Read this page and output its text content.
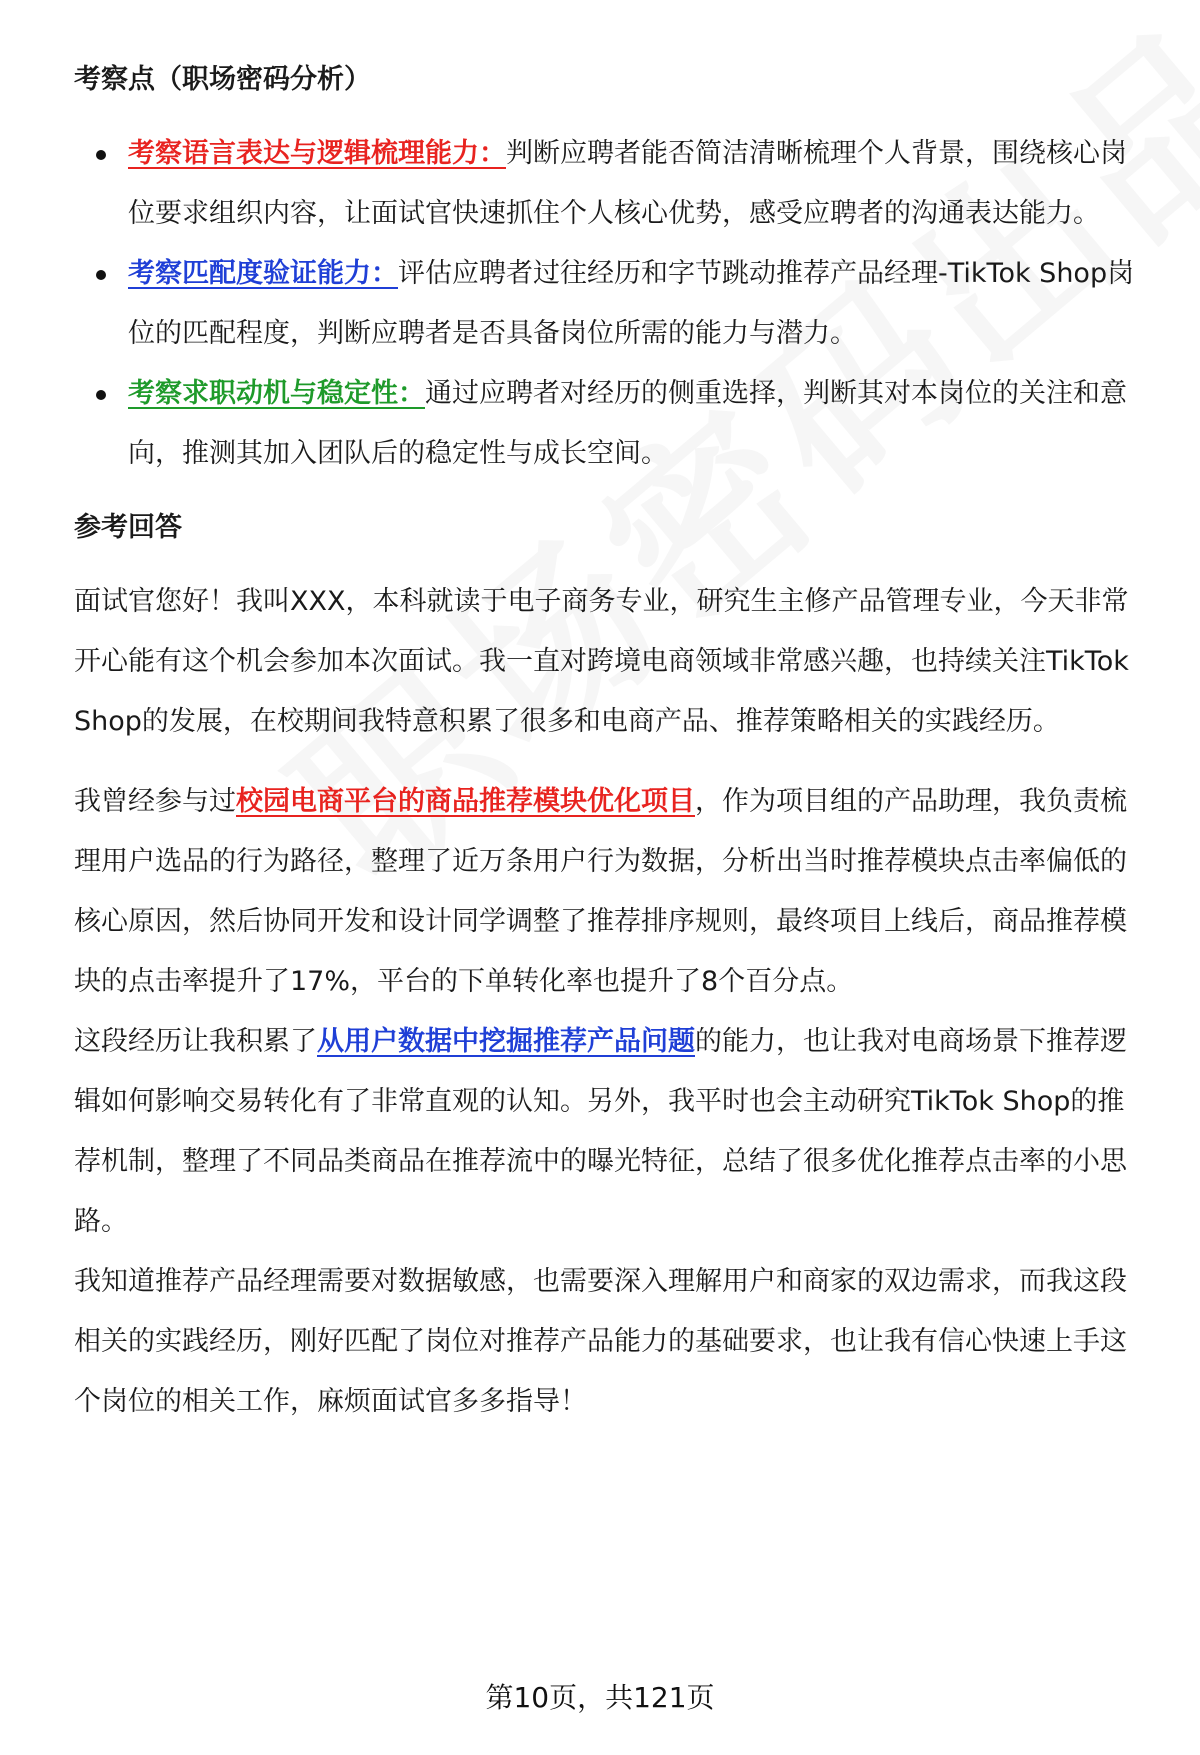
考察点（职场密码分析）
考察语言表达与逻辑梳理能力：判断应聘者能否简洁清晰梳理个人背景，围绕核心岗位要求组织内容，让面试官快速抓住个人核心优势，感受应聘者的沟通表达能力。
考察匹配度验证能力：评估应聘者过往经历和字节跳动推荐产品经理-TikTok Shop岗位的匹配程度，判断应聘者是否具备岗位所需的能力与潜力。
考察求职动机与稳定性：通过应聘者对经历的侧重选择，判断其对本岗位的关注和意向，推测其加入团队后的稳定性与成长空间。
参考回答

面试官您好！我叫XXX，本科就读于电子商务专业，研究生主修产品管理专业，今天非常开心能有这个机会参加本次面试。我一直对跨境电商领域非常感兴趣，也持续关注TikTok Shop的发展，在校期间我特意积累了很多和电商产品、推荐策略相关的实践经历。

我曾经参与过校园电商平台的商品推荐模块优化项目，作为项目组的产品助理，我负责梳理用户选品的行为路径，整理了近万条用户行为数据，分析出当时推荐模块点击率偏低的核心原因，然后协同开发和设计同学调整了推荐排序规则，最终项目上线后，商品推荐模块的点击率提升了17%，平台的下单转化率也提升了8个百分点。

这段经历让我积累了从用户数据中挖掘推荐产品问题的能力，也让我对电商场景下推荐逻辑如何影响交易转化有了非常直观的认知。另外，我平时也会主动研究TikTok Shop的推荐机制，整理了不同品类商品在推荐流中的曝光特征，总结了很多优化推荐点击率的小思路。

我知道推荐产品经理需要对数据敏感，也需要深入理解用户和商家的双边需求，而我这段相关的实践经历，刚好匹配了岗位对推荐产品能力的基础要求，也让我有信心快速上手这个岗位的相关工作，麻烦面试官多多指导！

第10页，共121页
